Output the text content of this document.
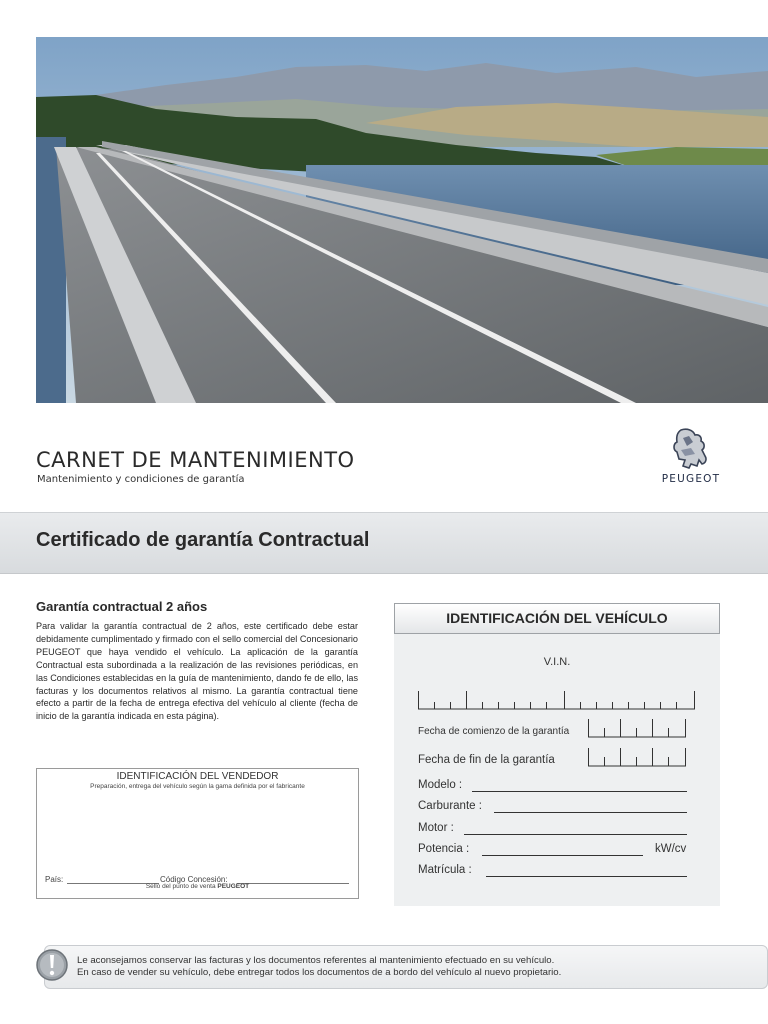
CARNET DE MANTENIMIENTO
Mantenimiento y condiciones de garantía	PEUGEOT
Certificado de garantía Contractual
Garantía contractual 2 años
Para validar la garantía contractual de 2 años, este certificado debe estar debidamente cumplimentado y firmado con el sello comercial del Concesionario PEUGEOT que haya vendido el vehículo. La aplicación de la garantía Contractual esta subordinada a la realización de las revisiones periódicas, en las Condiciones establecidas en la guía de mantenimiento, dando fe de ello, las facturas y los documentos relativos al mismo. La garantía contractual tiene efecto a partir de la fecha de entrega efectiva del vehículo al cliente (fecha de inicio de la garantía indicada en esta página).
IDENTIFICACIÓN DEL VENDEDOR
Preparación, entrega del vehículo según la gama definida por el fabricante
País:	Código Concesión:
Sello del punto de venta PEUGEOT
IDENTIFICACIÓN DEL VEHÍCULO
V.I.N.
Fecha de comienzo de la garantía
Fecha de fin de la garantía
Modelo :
Carburante :
Motor :
Potencia :	kW/cv
Matrícula :
Le aconsejamos conservar las facturas y los documentos referentes al mantenimiento efectuado en su vehículo.
En caso de vender su vehículo, debe entregar todos los documentos de a bordo del vehículo al nuevo propietario.
